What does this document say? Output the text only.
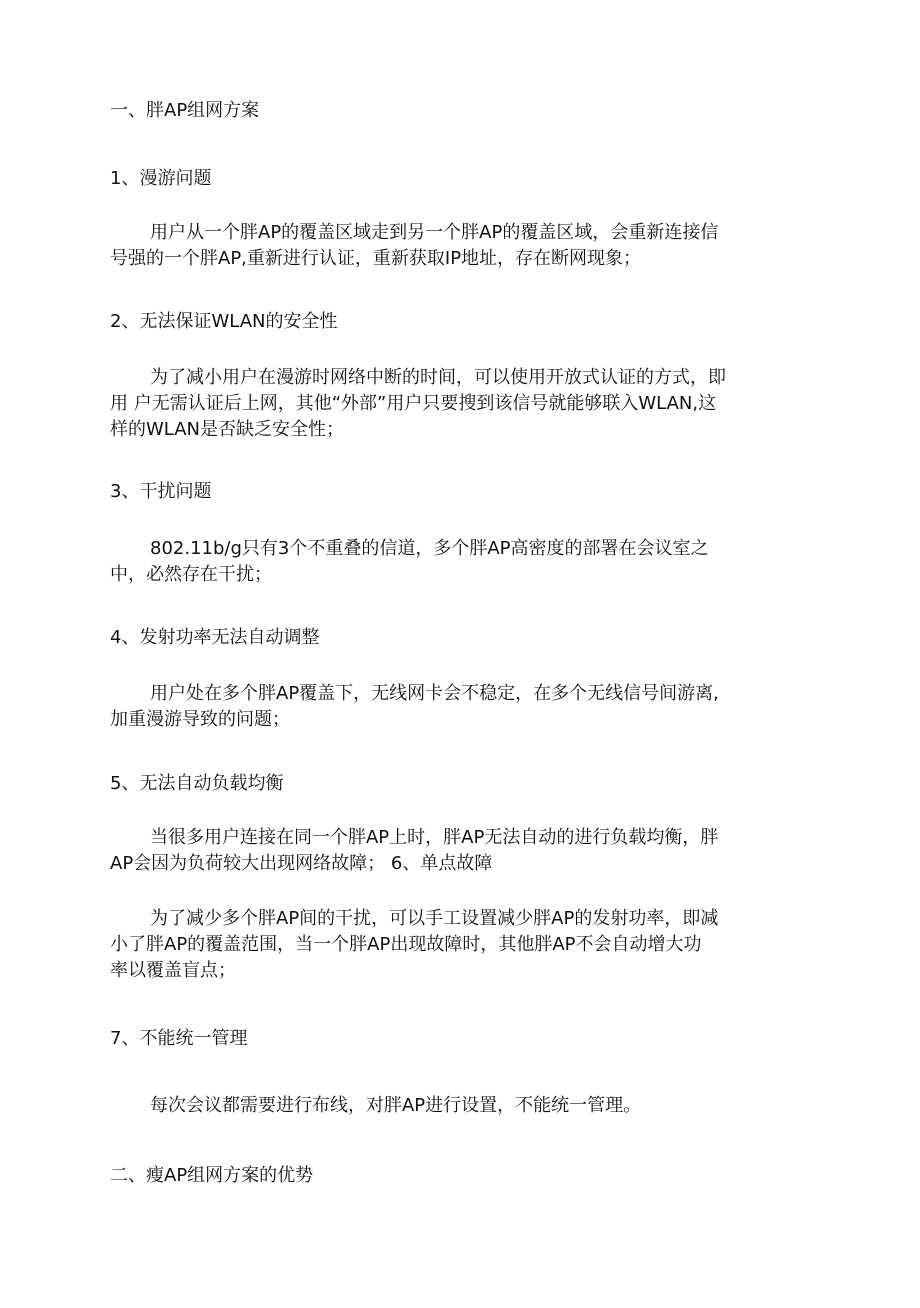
一、胖AP组网方案

1、漫游问题

用户从一个胖AP的覆盖区域走到另一个胖AP的覆盖区域，会重新连接信
号强的一个胖AP,重新进行认证，重新获取IP地址，存在断网现象；

2、无法保证WLAN的安全性

为了减小用户在漫游时网络中断的时间，可以使用开放式认证的方式，即
用 户无需认证后上网，其他“外部”用户只要搜到该信号就能够联入WLAN,这
样的WLAN是否缺乏安全性；

3、干扰问题

802.11b/g只有3个不重叠的信道，多个胖AP高密度的部署在会议室之
中，必然存在干扰；

4、发射功率无法自动调整

用户处在多个胖AP覆盖下，无线网卡会不稳定，在多个无线信号间游离,
加重漫游导致的问题；

5、无法自动负载均衡

当很多用户连接在同一个胖AP上时，胖AP无法自动的进行负载均衡，胖
AP会因为负荷较大出现网络故障； 6、单点故障

为了减少多个胖AP间的干扰，可以手工设置减少胖AP的发射功率，即减
小了胖AP的覆盖范围，当一个胖AP出现故障时，其他胖AP不会自动增大功
率以覆盖盲点；

7、不能统一管理

每次会议都需要进行布线，对胖AP进行设置，不能统一管理。

二、瘦AP组网方案的优势
